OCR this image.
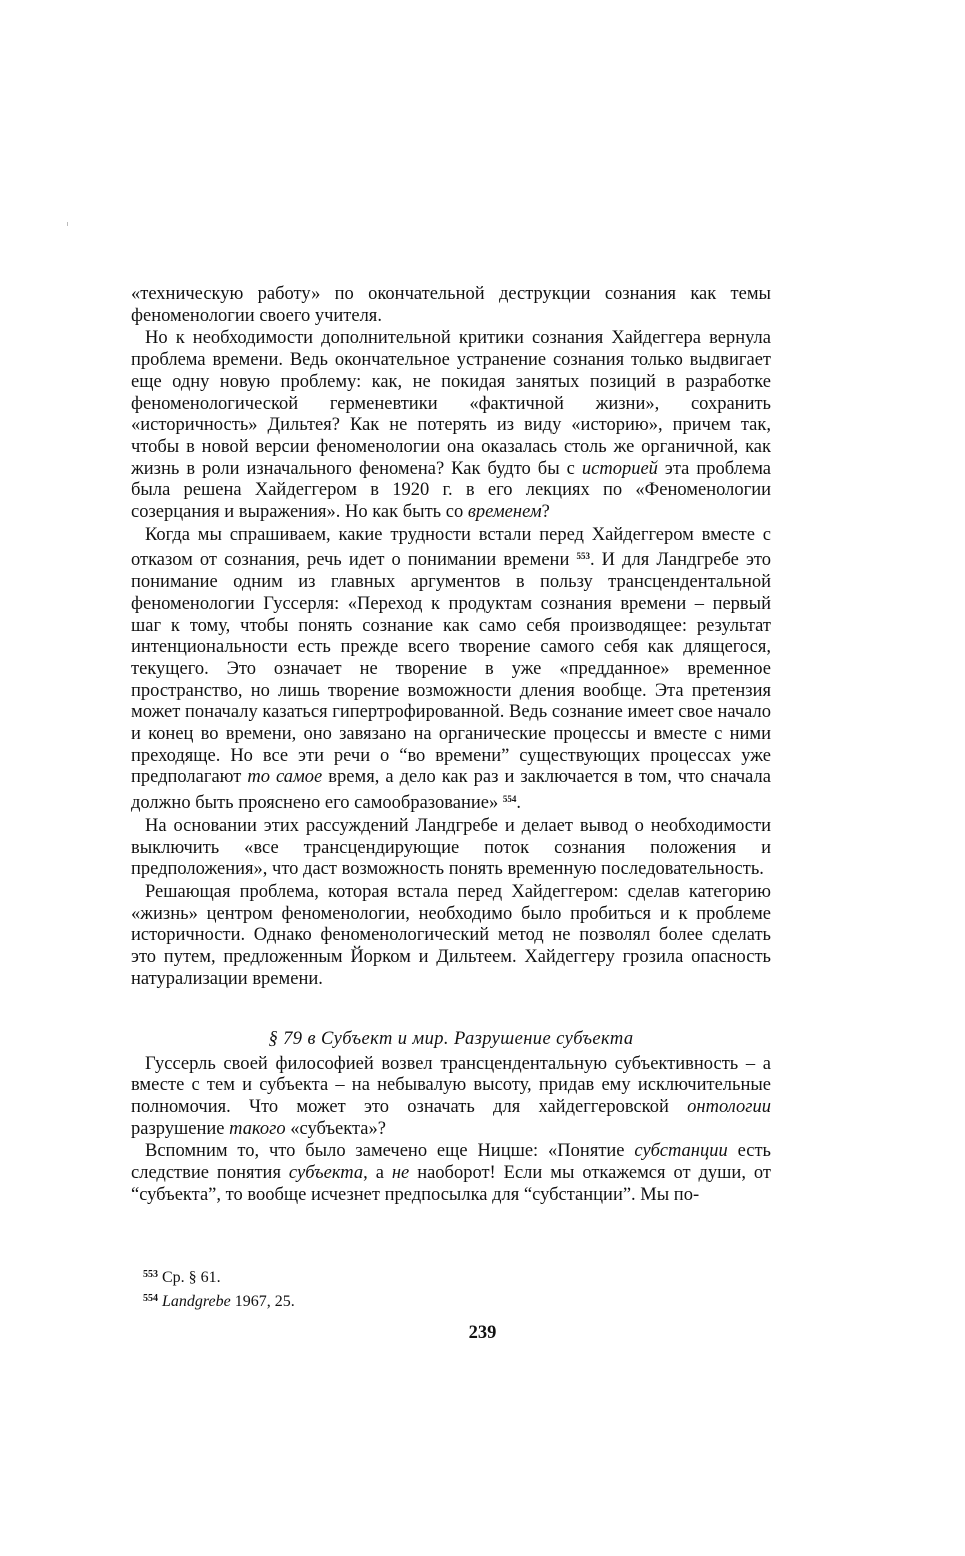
«техническую работу» по окончательной деструкции сознания как темы феноменологии своего учителя.

Но к необходимости дополнительной критики сознания Хайдеггера вернула проблема времени. Ведь окончательное устранение сознания только выдвигает еще одну новую проблему: как, не покидая занятых позиций в разработке феноменологической герменевтики «фактичной жизни», сохранить «историчность» Дильтея? Как не потерять из виду «историю», причем так, чтобы в новой версии феноменологии она оказалась столь же органичной, как жизнь в роли изначального феномена? Как будто бы с историей эта проблема была решена Хайдеггером в 1920 г. в его лекциях по «Феноменологии созерцания и выражения». Но как быть со временем?

Когда мы спрашиваем, какие трудности встали перед Хайдеггером вместе с отказом от сознания, речь идет о понимании времени $^{553}$. И для Ландгребе это понимание одним из главных аргументов в пользу трансцендентальной феноменологии Гуссерля: «Переход к продуктам сознания времени – первый шаг к тому, чтобы понять сознание как само себя производящее: результат интенциональности есть прежде всего творение самого себя как длящегося, текущего. Это означает не творение в уже «предданное» временное пространство, но лишь творение возможности дления вообще. Эта претензия может поначалу казаться гипертрофированной. Ведь сознание имеет свое начало и конец во времени, оно завязано на органические процессы и вместе с ними преходяще. Но все эти речи о “во времени” существующих процессах уже предполагают то самое время, а дело как раз и заключается в том, что сначала должно быть прояснено его самообразование» $^{554}$.

На основании этих рассуждений Ландгребе и делает вывод о необходимости выключить «все трансцендирующие поток сознания положения и предположения», что даст возможность понять временную последовательность.

Решающая проблема, которая встала перед Хайдеггером: сделав категорию «жизнь» центром феноменологии, необходимо было пробиться и к проблеме историчности. Однако феноменологический метод не позволял более сделать это путем, предложенным Йорком и Дильтеем. Хайдеггеру грозила опасность натурализации времени.

§ 79 в Субъект и мир. Разрушение субъекта

Гуссерль своей философией возвел трансцендентальную субъективность – а вместе с тем и субъекта – на небывалую высоту, придав ему исключительные полномочия. Что может это означать для хайдеггеровской онтологии разрушение такого «субъекта»?

Вспомним то, что было замечено еще Ницше: «Понятие субстанции есть следствие понятия субъекта, а не наоборот! Если мы откажемся от души, от “субъекта”, то вообще исчезнет предпосылка для “субстанции”. Мы по-

$^{553}$ Ср. § 61.
$^{554}$ Landgrebe 1967, 25.
239
